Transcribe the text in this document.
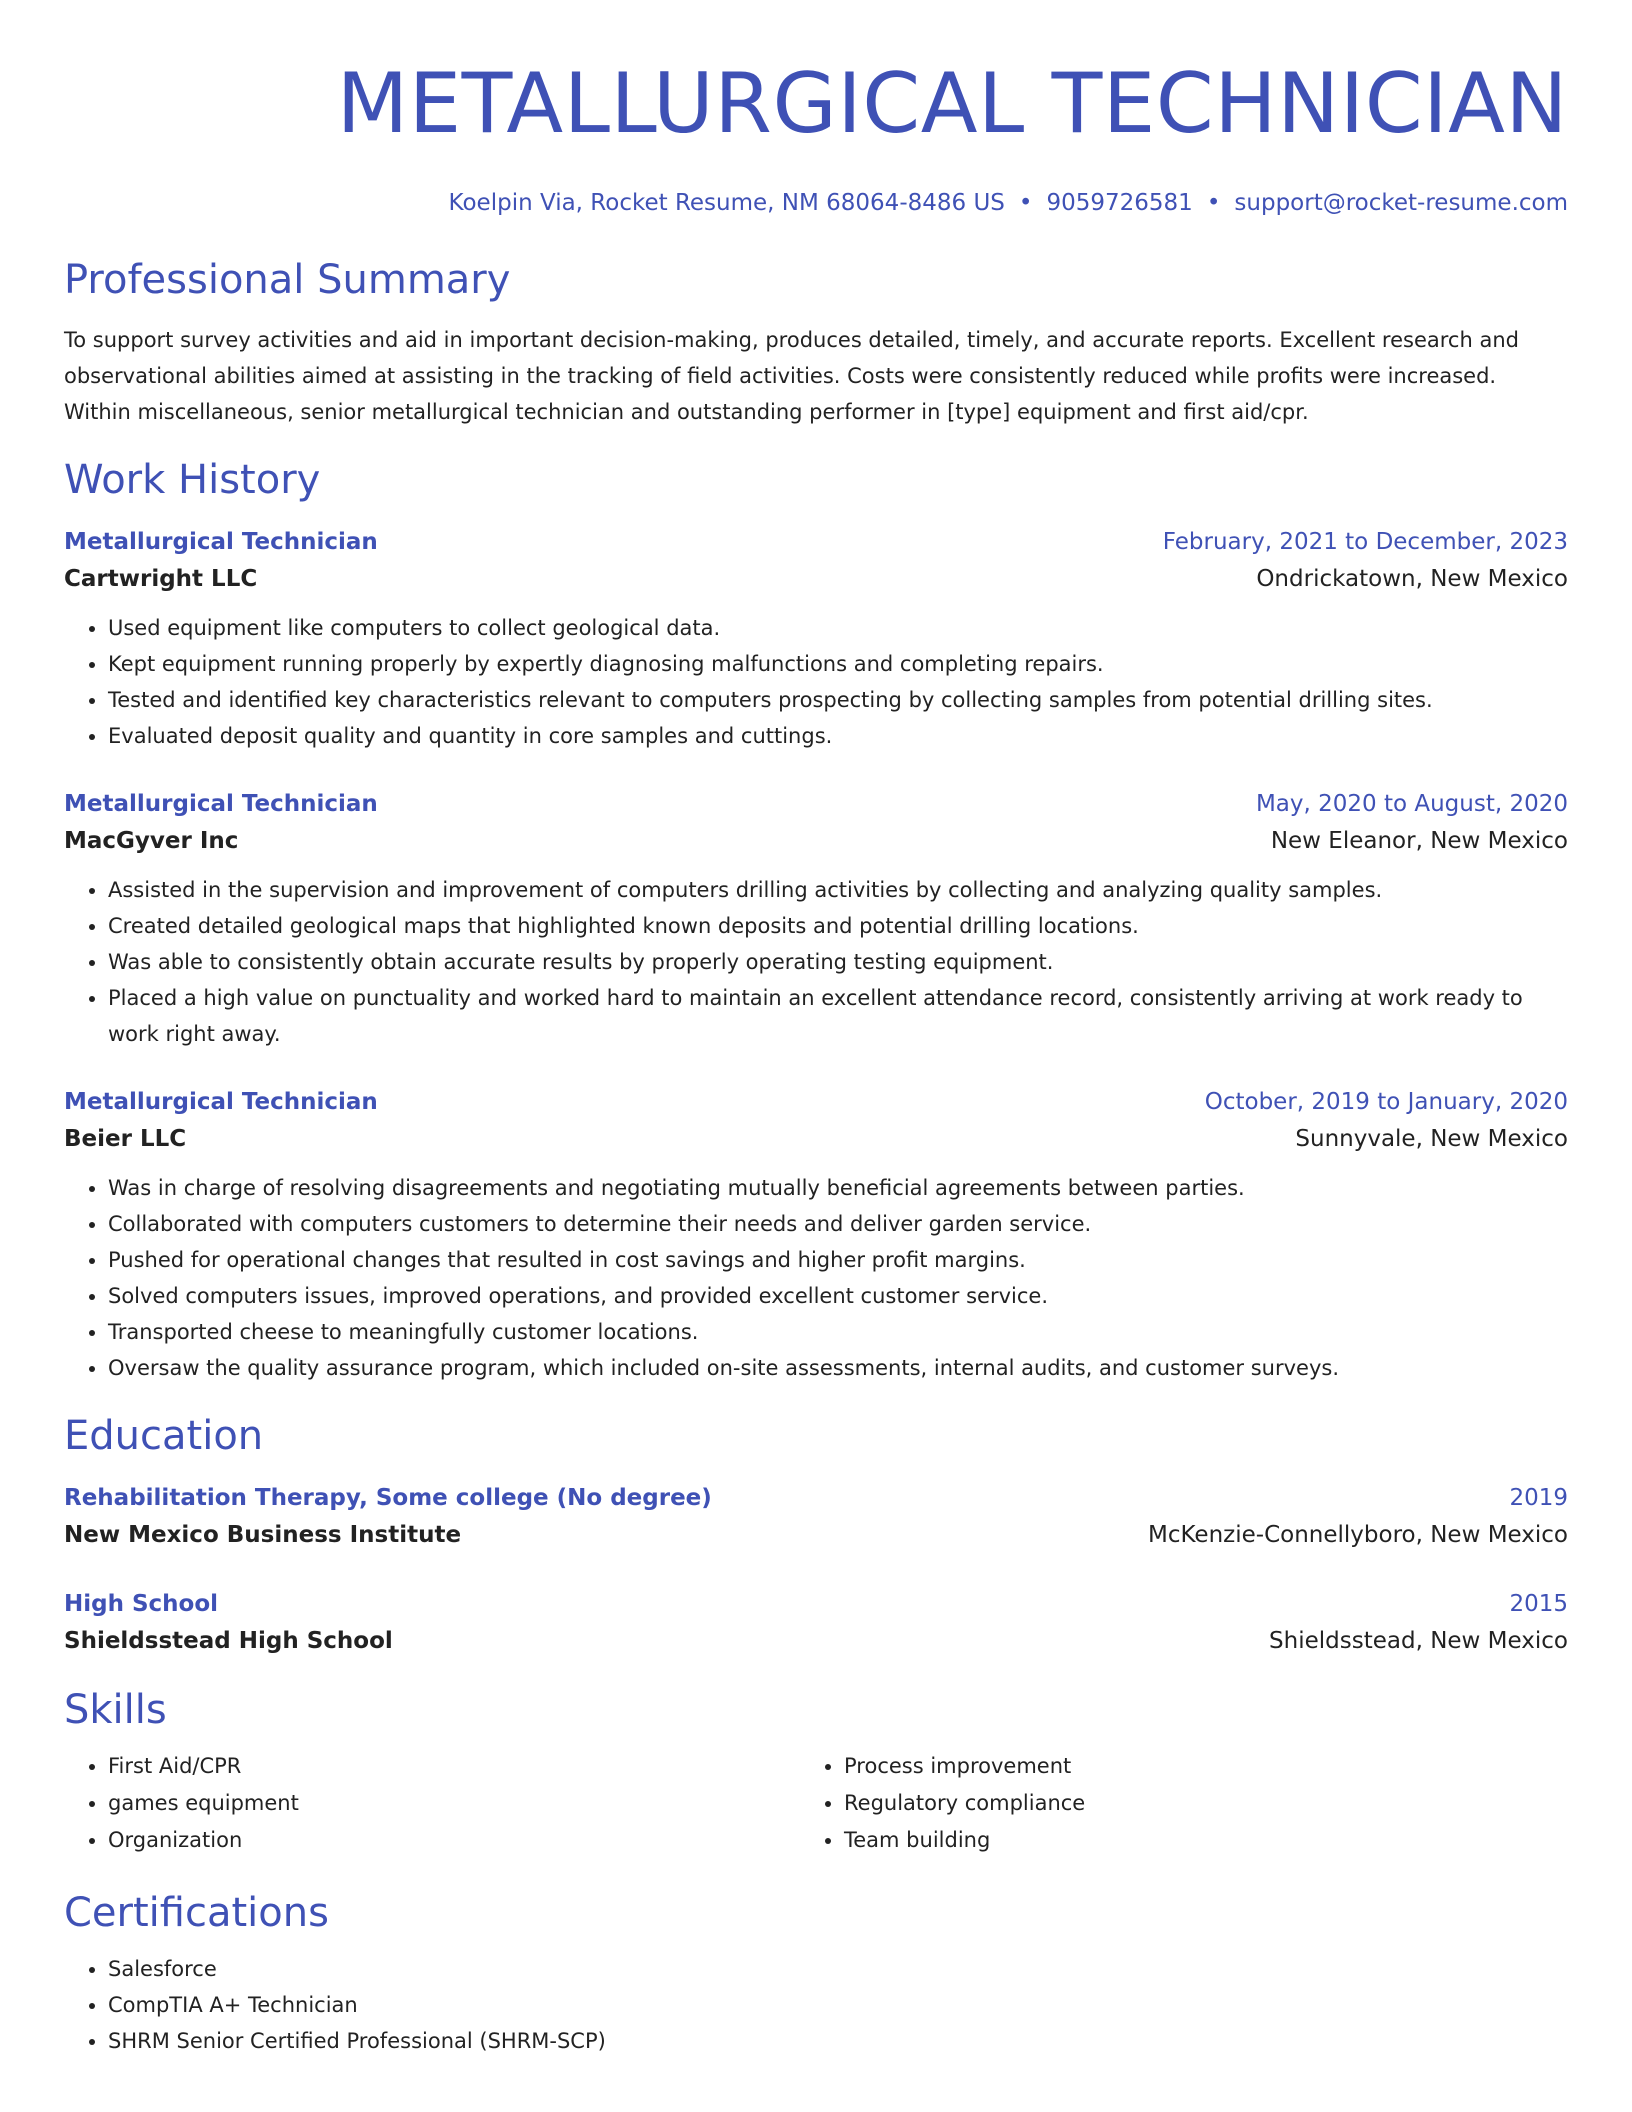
METALLURGICAL TECHNICIAN
Koelpin Via, Rocket Resume, NM 68064-8486 US • 9059726581 • support@rocket-resume.com
Professional Summary

To support survey activities and aid in important decision-making, produces detailed, timely, and accurate reports. Excellent research and observational abilities aimed at assisting in the tracking of field activities. Costs were consistently reduced while profits were increased. Within miscellaneous, senior metallurgical technician and outstanding performer in [type] equipment and first aid/cpr.

Work History
Metallurgical Technician	February, 2021 to December, 2023
Cartwright LLC	Ondrickatown, New Mexico
• Used equipment like computers to collect geological data.
• Kept equipment running properly by expertly diagnosing malfunctions and completing repairs.
• Tested and identified key characteristics relevant to computers prospecting by collecting samples from potential drilling sites.
• Evaluated deposit quality and quantity in core samples and cuttings.
Metallurgical Technician	May, 2020 to August, 2020
MacGyver Inc	New Eleanor, New Mexico
• Assisted in the supervision and improvement of computers drilling activities by collecting and analyzing quality samples.
• Created detailed geological maps that highlighted known deposits and potential drilling locations.
• Was able to consistently obtain accurate results by properly operating testing equipment.
• Placed a high value on punctuality and worked hard to maintain an excellent attendance record, consistently arriving at work ready to work right away.
Metallurgical Technician	October, 2019 to January, 2020
Beier LLC	Sunnyvale, New Mexico
• Was in charge of resolving disagreements and negotiating mutually beneficial agreements between parties.
• Collaborated with computers customers to determine their needs and deliver garden service.
• Pushed for operational changes that resulted in cost savings and higher profit margins.
• Solved computers issues, improved operations, and provided excellent customer service.
• Transported cheese to meaningfully customer locations.
• Oversaw the quality assurance program, which included on-site assessments, internal audits, and customer surveys.
Education
Rehabilitation Therapy, Some college (No degree)	2019
New Mexico Business Institute	McKenzie-Connellyboro, New Mexico
High School	2015
Shieldsstead High School	Shieldsstead, New Mexico
Skills
• First Aid/CPR
• games equipment
• Organization
• Process improvement
• Regulatory compliance
• Team building
Certifications
• Salesforce
• CompTIA A+ Technician
• SHRM Senior Certified Professional (SHRM-SCP)
